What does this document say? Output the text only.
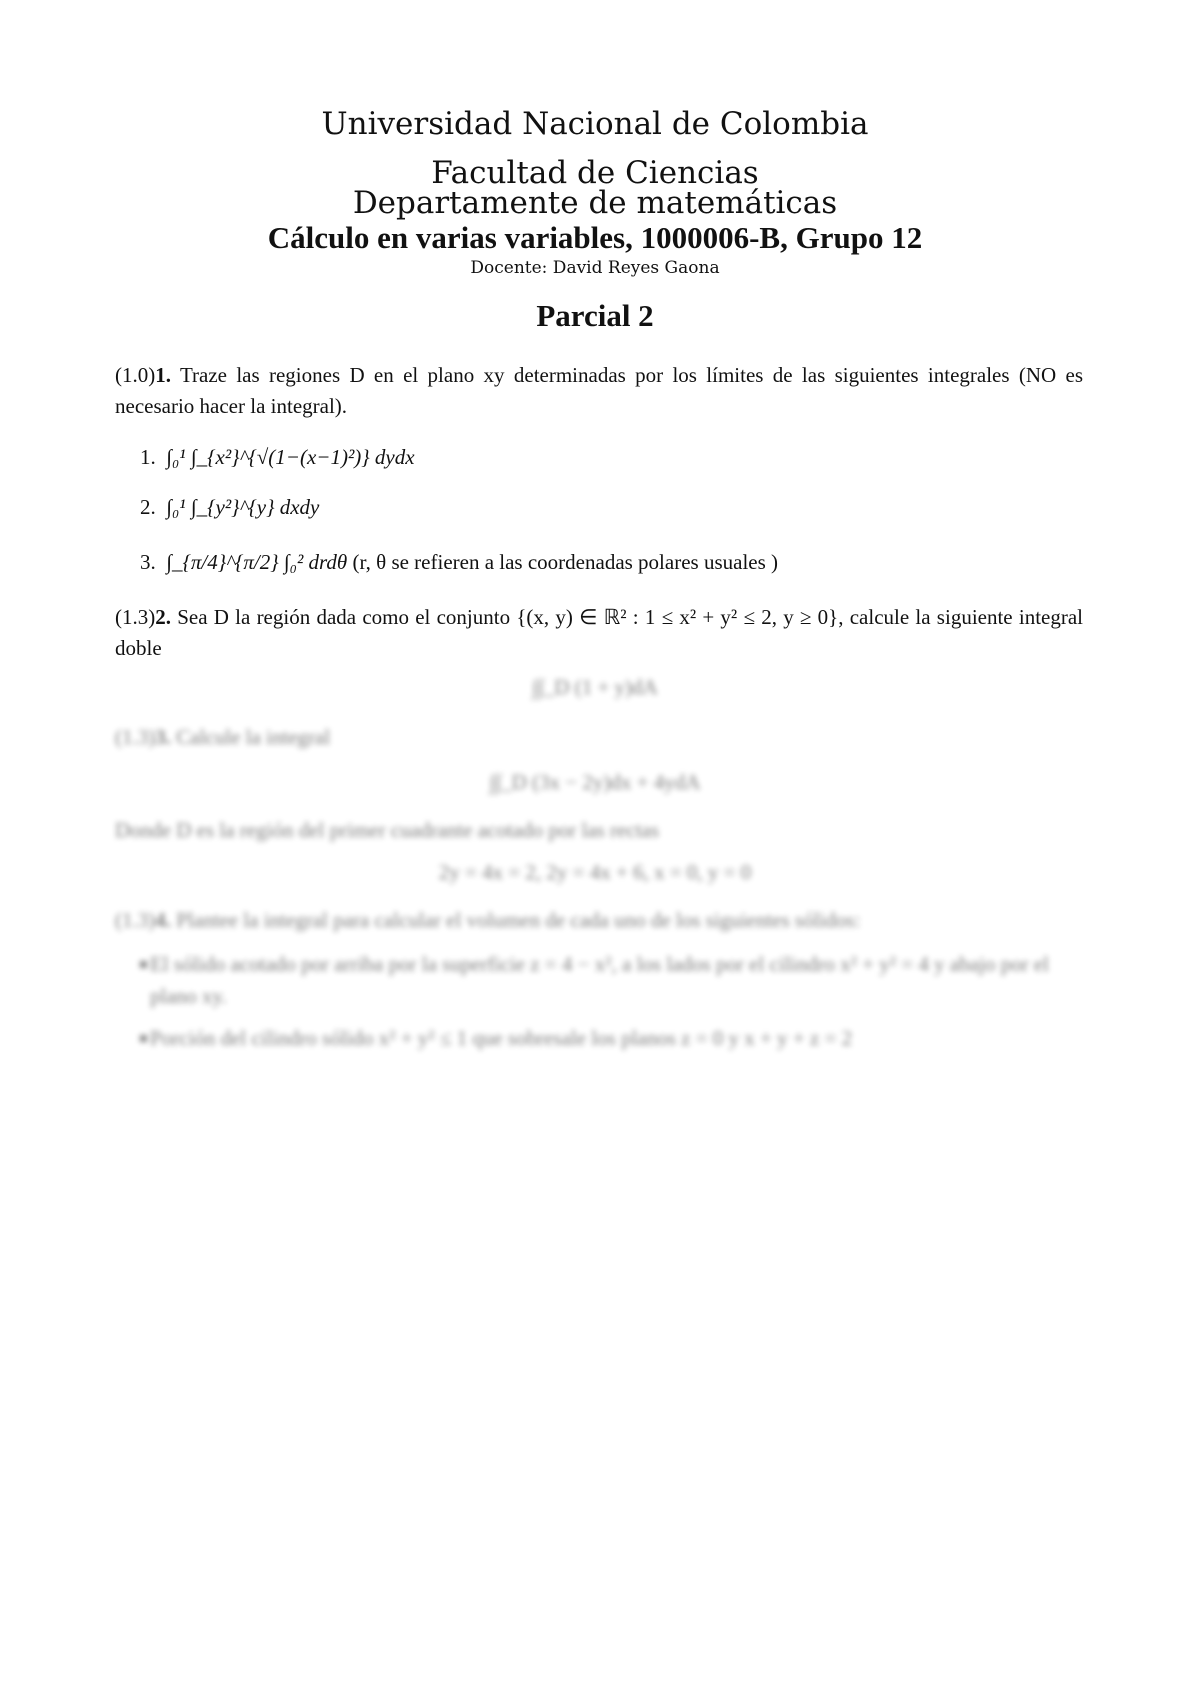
Universidad Nacional de Colombia
Facultad de Ciencias
Departamente de matemáticas
Cálculo en varias variables, 1000006-B, Grupo 12
Docente: David Reyes Gaona
Parcial 2
(1.0)1. Traze las regiones D en el plano xy determinadas por los límites de las siguientes integrales (NO es necesario hacer la integral).
1. ∫₀¹ ∫_{x²}^{√(1−(x−1)²)} dydx
2. ∫₀¹ ∫_{y²}^{y} dxdy
3. ∫_{π/4}^{π/2} ∫₀² drdθ (r, θ se refieren a las coordenadas polares usuales )
(1.3)2. Sea D la región dada como el conjunto {(x, y) ∈ ℝ² : 1 ≤ x² + y² ≤ 2, y ≥ 0}, calcule la siguiente integral doble
∫∫_D (1 + y)dA
(1.3)3. Calcule la integral
∫∫_D (3x − 2y)dx + 4ydA
Donde D es la región del primer cuadrante acotado por las rectas
2y = 4x = 2, 2y = 4x + 6, x = 0, y = 0
(1.3)4. Plantee la integral para calcular el volumen de cada uno de los siguientes sólidos:
El sólido acotado por arriba por la superficie z = 4 − x², a los lados por el cilindro x² + y² = 4 y abajo por el plano xy.
Porción del cilindro sólido x² + y² ≤ 1 que sobresale los planos z = 0 y x + y + z = 2
